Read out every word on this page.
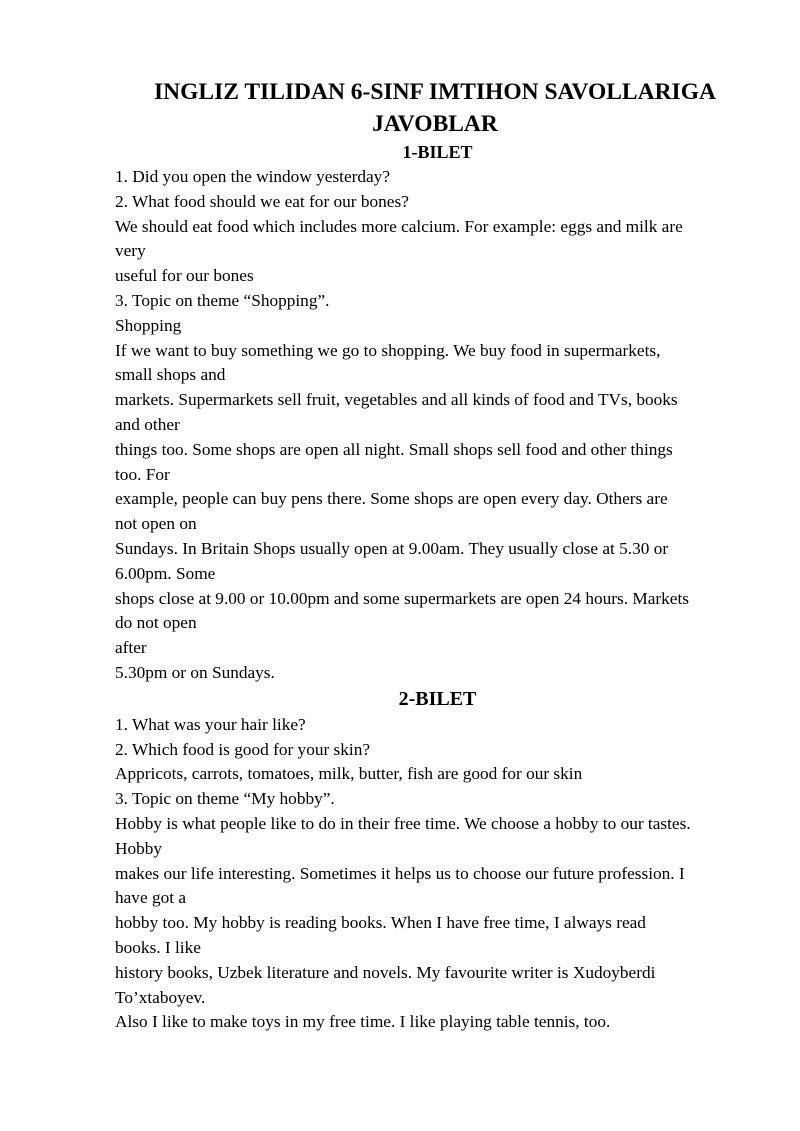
INGLIZ TILIDAN 6-SINF IMTIHON SAVOLLARIGA
JAVOBLAR
1-BILET

1. Did you open the window yesterday?

2. What food should we eat for our bones?

We should eat food which includes more calcium. For example: eggs and milk are

very

useful for our bones

3. Topic on theme “Shopping”.

Shopping

If we want to buy something we go to shopping. We buy food in supermarkets,

small shops and

markets. Supermarkets sell fruit, vegetables and all kinds of food and TVs, books

and other

things too. Some shops are open all night. Small shops sell food and other things

too. For

example, people can buy pens there. Some shops are open every day. Others are

not open on

Sundays. In Britain Shops usually open at 9.00am. They usually close at 5.30 or

6.00pm. Some

shops close at 9.00 or 10.00pm and some supermarkets are open 24 hours. Markets

do not open

after

5.30pm or on Sundays.

2-BILET

1. What was your hair like?

2. Which food is good for your skin?

Appricots, carrots, tomatoes, milk, butter, fish are good for our skin

3. Topic on theme “My hobby”.

Hobby is what people like to do in their free time. We choose a hobby to our tastes.

Hobby

makes our life interesting. Sometimes it helps us to choose our future profession. I

have got a

hobby too. My hobby is reading books. When I have free time, I always read

books. I like

history books, Uzbek literature and novels. My favourite writer is Xudoyberdi

To’xtaboyev.

Also I like to make toys in my free time. I like playing table tennis, too.
